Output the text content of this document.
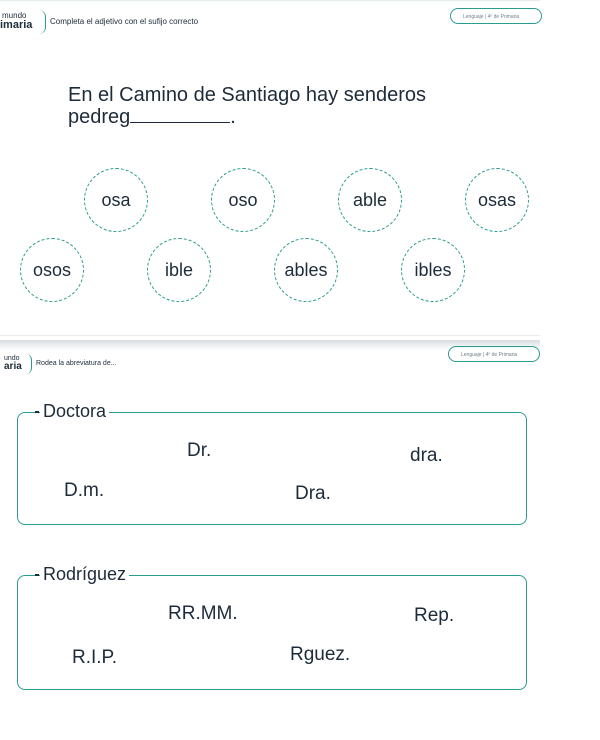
mundo
imaria Completa el adjetivo con el sufijo correcto	Lenguaje | 4º de Primaria
En el Camino de Santiago hay senderos
pedreg	.
osa	oso	able	osas
osos	ible	ables	ibles
undo
aria Rodea la abreviatura de...
Lenguaje | 4º de Primaria
Doctora
Dr.	dra.
D.m.	Dra.
Rodríguez
RR.MM.	Rep.
R.I.P.	Rguez.
